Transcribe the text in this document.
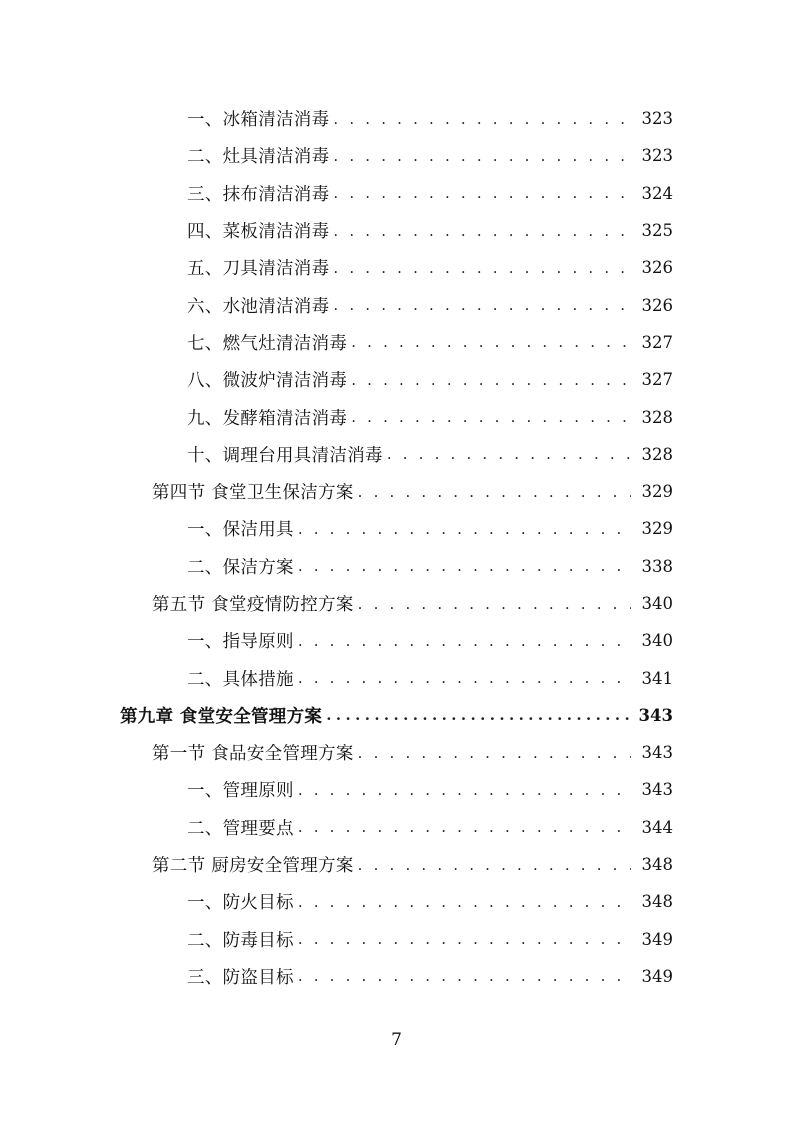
一、冰箱清洁消毒 . . .	323
二、灶具清洁消毒 . . .	323
三、抹布清洁消毒 . . .	324
四、菜板清洁消毒 . . .	325
五、刀具清洁消毒 . . .	326
六、水池清洁消毒 . . .	326
七、燃气灶清洁消毒 . . .	327
八、微波炉清洁消毒 . . .	327
九、发酵箱清洁消毒 . . .	328
十、调理台用具清洁消毒 . . .	328
第四节 食堂卫生保洁方案 . . .	329
一、保洁用具 . . .	329
二、保洁方案 . . .	338
第五节 食堂疫情防控方案 . . .	340
一、指导原则 . . .	340
二、具体措施 . . .	341
第九章 食堂安全管理方案 .....	343
第一节 食品安全管理方案 . . .	343
一、管理原则 . . .	343
二、管理要点 . . .	344
第二节 厨房安全管理方案 . . .	348
一、防火目标 . . .	348
二、防毒目标 . . .	349
三、防盗目标 . . .	349
7
